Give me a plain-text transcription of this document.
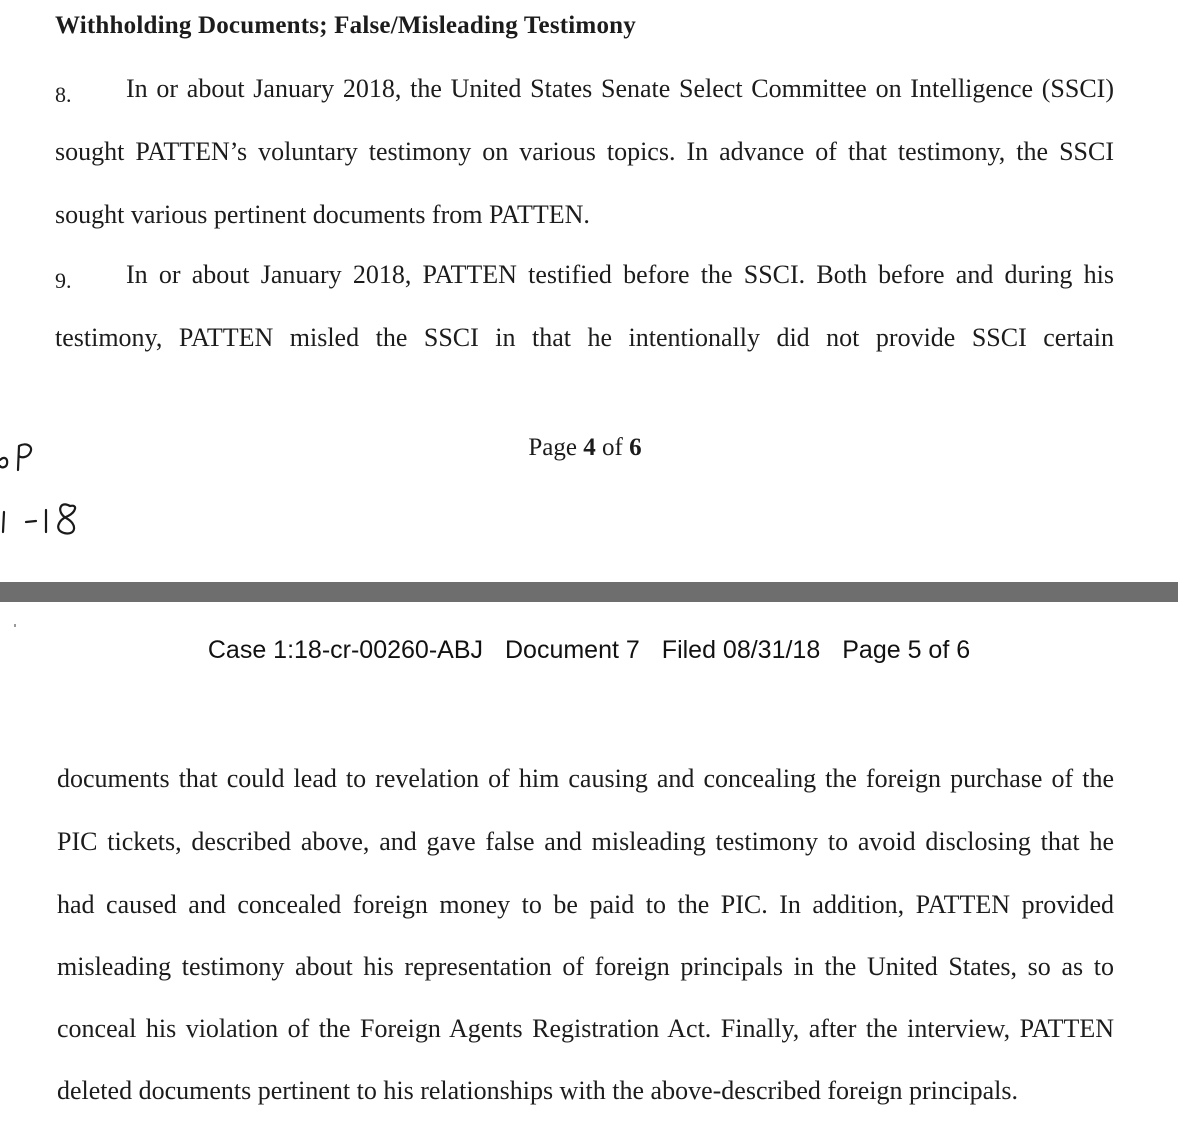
Withholding Documents; False/Misleading Testimony
8. In or about January 2018, the United States Senate Select Committee on Intelligence (SSCI)
sought PATTEN’s voluntary testimony on various topics. In advance of that testimony, the SSCI
sought various pertinent documents from PATTEN.
9. In or about January 2018, PATTEN testified before the SSCI. Both before and during his
testimony, PATTEN misled the SSCI in that he intentionally did not provide SSCI certain
Page 4 of 6
Case 1:18-cr-00260-ABJ Document 7 Filed 08/31/18 Page 5 of 6
documents that could lead to revelation of him causing and concealing the foreign purchase of the
PIC tickets, described above, and gave false and misleading testimony to avoid disclosing that he
had caused and concealed foreign money to be paid to the PIC. In addition, PATTEN provided
misleading testimony about his representation of foreign principals in the United States, so as to
conceal his violation of the Foreign Agents Registration Act. Finally, after the interview, PATTEN
deleted documents pertinent to his relationships with the above-described foreign principals.
